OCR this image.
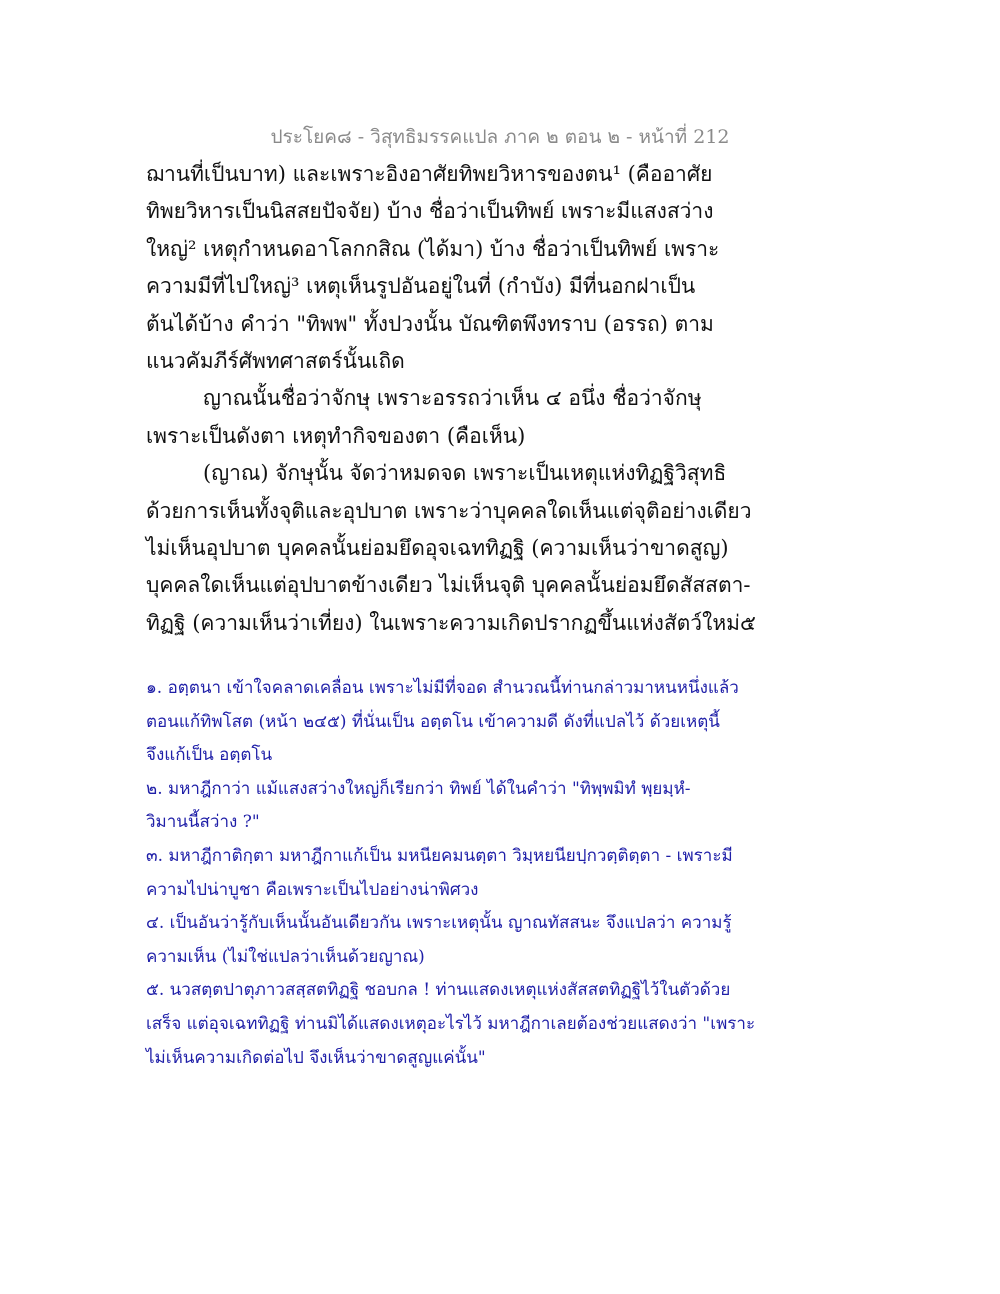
ประโยค๘ - วิสุทธิมรรคแปล ภาค ๒ ตอน ๒ - หน้าที่ 212
ฌานที่เป็นบาท) และเพราะอิงอาศัยทิพยวิหารของตน¹ (คืออาศัย
ทิพยวิหารเป็นนิสสยปัจจัย) บ้าง ชื่อว่าเป็นทิพย์ เพราะมีแสงสว่าง
ใหญ่² เหตุกำหนดอาโลกกสิณ (ได้มา) บ้าง ชื่อว่าเป็นทิพย์ เพราะ
ความมีที่ไปใหญ่³ เหตุเห็นรูปอันอยู่ในที่ (กำบัง) มีที่นอกฝาเป็น
ต้นได้บ้าง คำว่า "ทิพพ" ทั้งปวงนั้น บัณฑิตพึงทราบ (อรรถ) ตาม
แนวคัมภีร์ศัพทศาสตร์นั้นเถิด
ญาณนั้นชื่อว่าจักษุ เพราะอรรถว่าเห็น ๔ อนึ่ง ชื่อว่าจักษุ
เพราะเป็นดังตา เหตุทำกิจของตา (คือเห็น)
(ญาณ) จักษุนั้น จัดว่าหมดจด เพราะเป็นเหตุแห่งทิฏฐิวิสุทธิ
ด้วยการเห็นทั้งจุติและอุปบาต เพราะว่าบุคคลใดเห็นแต่จุติอย่างเดียว
ไม่เห็นอุปบาต บุคคลนั้นย่อมยึดอุจเฉททิฏฐิ (ความเห็นว่าขาดสูญ)
บุคคลใดเห็นแต่อุปบาตข้างเดียว ไม่เห็นจุติ บุคคลนั้นย่อมยึดสัสสตา-
ทิฏฐิ (ความเห็นว่าเที่ยง) ในเพราะความเกิดปรากฏขึ้นแห่งสัตว์ใหม่๕
๑. อตฺตนา เข้าใจคลาดเคลื่อน เพราะไม่มีที่จอด สำนวณนี้ท่านกล่าวมาหนหนึ่งแล้ว
ตอนแก้ทิพโสต (หน้า ๒๔๕) ที่นั่นเป็น อตฺตโน เข้าความดี ดังที่แปลไว้ ด้วยเหตุนี้
จึงแก้เป็น อตฺตโน
๒. มหาฎีกาว่า แม้แสงสว่างใหญ่ก็เรียกว่า ทิพย์ ได้ในคำว่า "ทิพฺพมิทํ พฺยมฺหํ-
วิมานนี้สว่าง ?"
๓. มหาฎีกาติกฺตา มหาฎีกาแก้เป็น มหนียคมนตฺตา วิมฺหยนียปฺกวตฺติตฺตา - เพราะมี
ความไปน่าบูชา คือเพราะเป็นไปอย่างน่าพิศวง
๔. เป็นอันว่ารู้กับเห็นนั้นอันเดียวกัน เพราะเหตุนั้น ญาณทัสสนะ จึงแปลว่า ความรู้
ความเห็น (ไม่ใช่แปลว่าเห็นด้วยญาณ)
๕. นวสตฺตปาตุภาวสสฺสตทิฏฐิ ชอบกล ! ท่านแสดงเหตุแห่งสัสสตทิฏฐิไว้ในตัวด้วย
เสร็จ แต่อุจเฉททิฏฐิ ท่านมิได้แสดงเหตุอะไรไว้ มหาฎีกาเลยต้องช่วยแสดงว่า "เพราะ
ไม่เห็นความเกิดต่อไป จึงเห็นว่าขาดสูญแค่นั้น"
